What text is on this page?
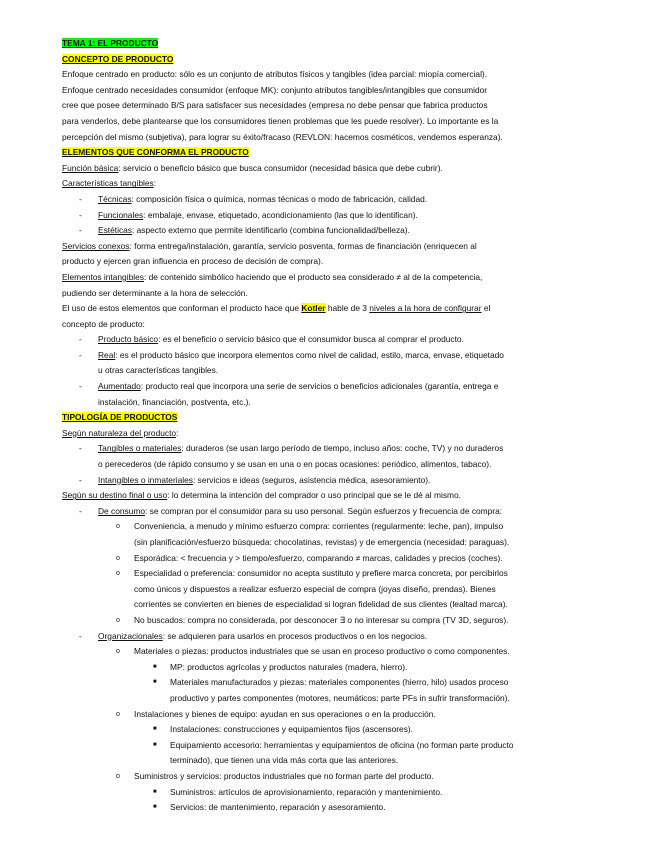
TEMA 1: EL PRODUCTO
CONCEPTO DE PRODUCTO
Enfoque centrado en producto: sólo es un conjunto de atributos físicos y tangibles (idea parcial: miopía comercial).
Enfoque centrado necesidades consumidor (enfoque MK): conjunto atributos tangibles/intangibles que consumidor
cree que posee determinado B/S para satisfacer sus necesidades (empresa no debe pensar que fabrica productos
para venderlos, debe plantearse que los consumidores tienen problemas que les puede resolver). Lo importante es la
percepción del mismo (subjetiva), para lograr su éxito/fracaso (REVLON: hacemos cosméticos, vendemos esperanza).
ELEMENTOS QUE CONFORMA EL PRODUCTO
Función básica: servicio o beneficio básico que busca consumidor (necesidad básica que debe cubrir).
Características tangibles:
- Técnicas: composición física o química, normas técnicas o modo de fabricación, calidad.
- Funcionales: embalaje, envase, etiquetado, acondicionamiento (las que lo identifican).
- Estéticas: aspecto externo que permite identificarlo (combina funcionalidad/belleza).
Servicios conexos: forma entrega/instalación, garantía, servicio posventa, formas de financiación (enriquecen al
producto y ejercen gran influencia en proceso de decisión de compra).
Elementos intangibles: de contenido simbólico haciendo que el producto sea considerado ≠ al de la competencia,
pudiendo ser determinante a la hora de selección.
El uso de estos elementos que conforman el producto hace que Kotler hable de 3 niveles a la hora de configurar el
concepto de producto:
- Producto básico: es el beneficio o servicio básico que el consumidor busca al comprar el producto.
- Real: es el producto básico que incorpora elementos como nivel de calidad, estilo, marca, envase, etiquetado
u otras características tangibles.
- Aumentado: producto real que incorpora una serie de servicios o beneficios adicionales (garantía, entrega e
instalación, financiación, postventa, etc.).
TIPOLOGÍA DE PRODUCTOS
Según naturaleza del producto:
- Tangibles o materiales: duraderos (se usan largo período de tiempo, incluso años: coche, TV) y no duraderos
o perecederos (de rápido consumo y se usan en una o en pocas ocasiones: periódico, alimentos, tabaco).
- Intangibles o inmateriales: servicios e ideas (seguros, asistencia médica, asesoramiento).
Según su destino final o uso: lo determina la intención del comprador o uso principal que se le dé al mismo.
- De consumo: se compran por el consumidor para su uso personal. Según esfuerzos y frecuencia de compra:
o Conveniencia, a menudo y mínimo esfuerzo compra: corrientes (regularmente: leche, pan), impulso
(sin planificación/esfuerzo búsqueda: chocolatinas, revistas) y de emergencia (necesidad: paraguas).
o Esporádica: < frecuencia y > tiempo/esfuerzo, comparando ≠ marcas, calidades y precios (coches).
o Especialidad o preferencia: consumidor no acepta sustituto y prefiere marca concreta, por percibirlos
como únicos y dispuestos a realizar esfuerzo especial de compra (joyas diseño, prendas). Bienes
corrientes se convierten en bienes de especialidad si logran fidelidad de sus clientes (lealtad marca).
o No buscados: compra no considerada, por desconocer ∃ o no interesar su compra (TV 3D, seguros).
- Organizacionales: se adquieren para usarlos en procesos productivos o en los negocios.
o Materiales o piezas: productos industriales que se usan en proceso productivo o como componentes.
■ MP: productos agrícolas y productos naturales (madera, hierro).
■ Materiales manufacturados y piezas: materiales componentes (hierro, hilo) usados proceso
productivo y partes componentes (motores, neumáticos: parte PFs in sufrir transformación).
o Instalaciones y bienes de equipo: ayudan en sus operaciones o en la producción.
■ Instalaciones: construcciones y equipamientos fijos (ascensores).
■ Equipamiento accesorio: herramientas y equipamientos de oficina (no forman parte producto
terminado), que tienen una vida más corta que las anteriores.
o Suministros y servicios: productos industriales que no forman parte del producto.
■ Suministros: artículos de aprovisionamiento, reparación y mantenimiento.
■ Servicios: de mantenimiento, reparación y asesoramiento.
